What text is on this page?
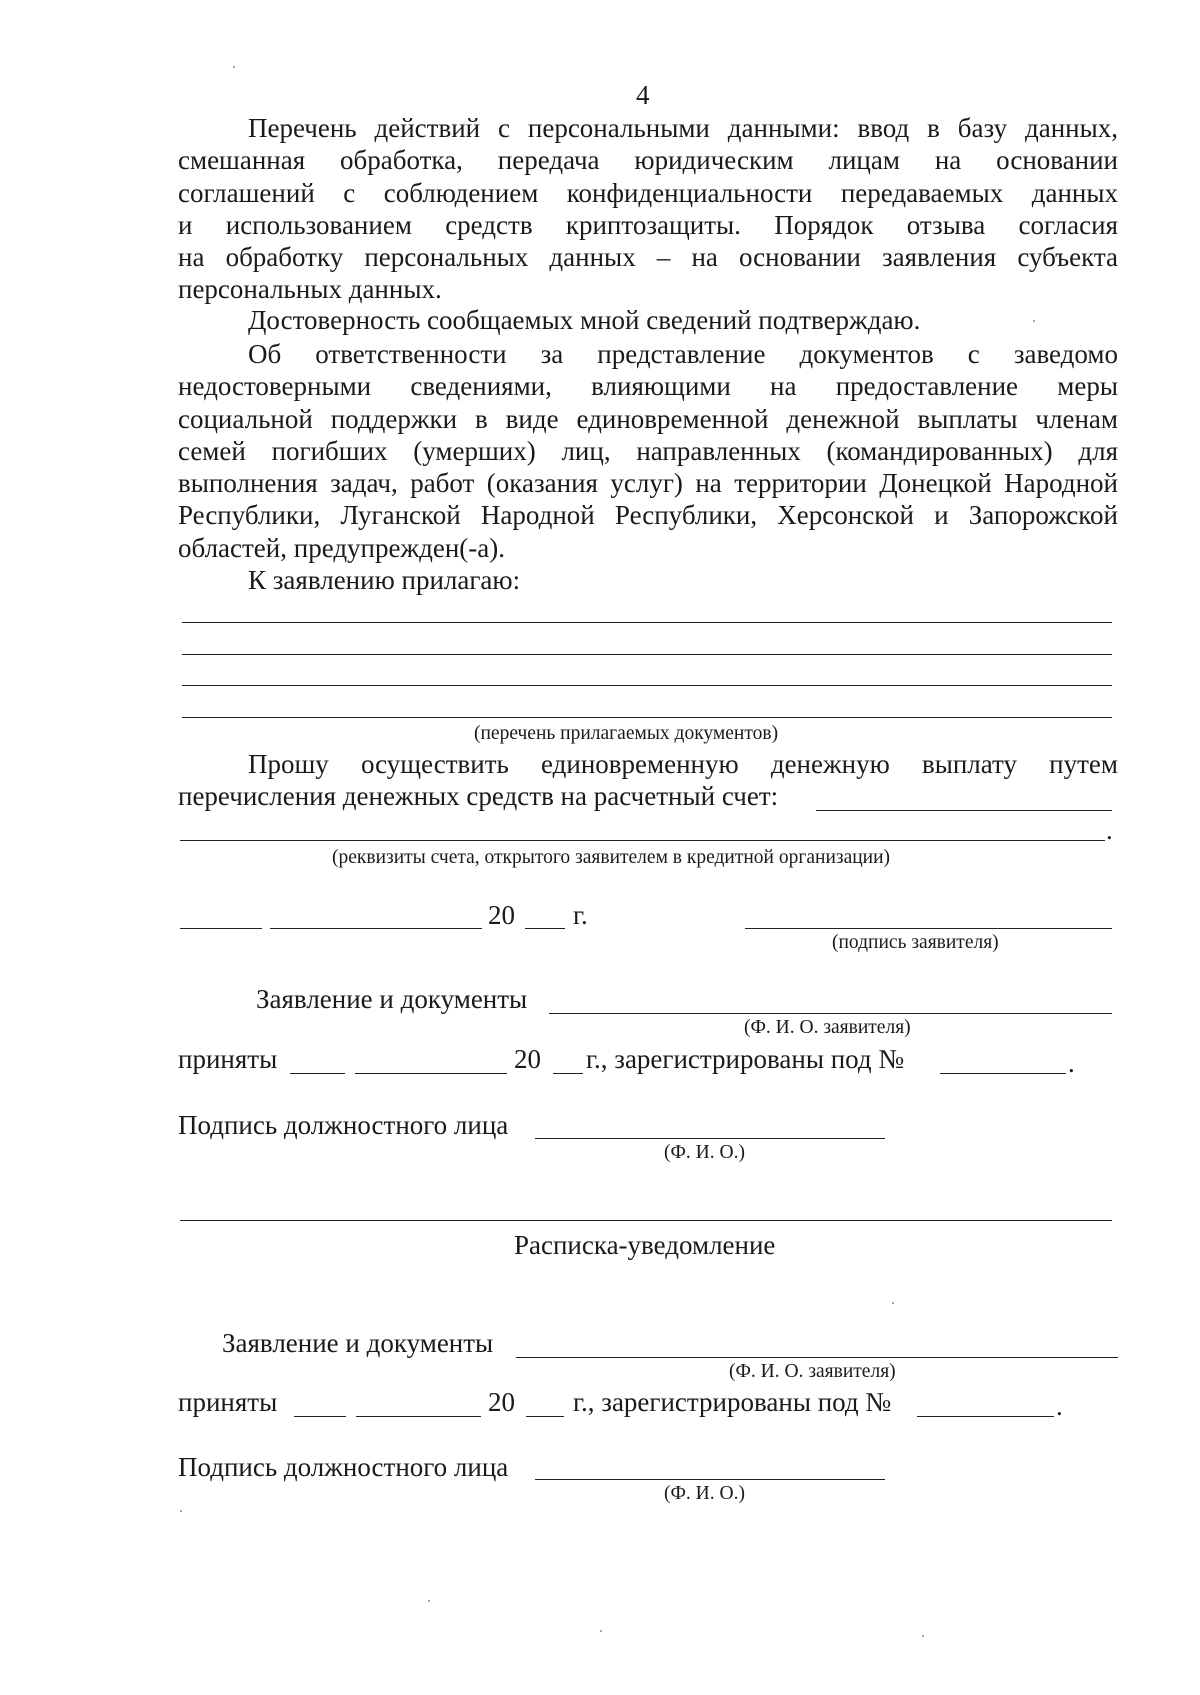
4
Перечень действий с персональными данными: ввод в базу данных,
смешанная обработка, передача юридическим лицам на основании
соглашений с соблюдением конфиденциальности передаваемых данных
и использованием средств криптозащиты. Порядок отзыва согласия
на обработку персональных данных – на основании заявления субъекта
персональных данных.
Достоверность сообщаемых мной сведений подтверждаю.
Об ответственности за представление документов с заведомо
недостоверными сведениями, влияющими на предоставление меры
социальной поддержки в виде единовременной денежной выплаты членам
семей погибших (умерших) лиц, направленных (командированных) для
выполнения задач, работ (оказания услуг) на территории Донецкой Народной
Республики, Луганской Народной Республики, Херсонской и Запорожской
областей, предупрежден(-а).
К заявлению прилагаю:
(перечень прилагаемых документов)
Прошу осуществить единовременную денежную выплату путем
перечисления денежных средств на расчетный счет:
.
(реквизиты счета, открытого заявителем в кредитной организации)
20 г.
(подпись заявителя)
Заявление и документы
(Ф. И. О. заявителя)
приняты	20 г., зарегистрированы под №	.
Подпись должностного лица
(Ф. И. О.)
Расписка-уведомление
Заявление и документы
(Ф. И. О. заявителя)
приняты	20 г., зарегистрированы под №	.
Подпись должностного лица
(Ф. И. О.)
